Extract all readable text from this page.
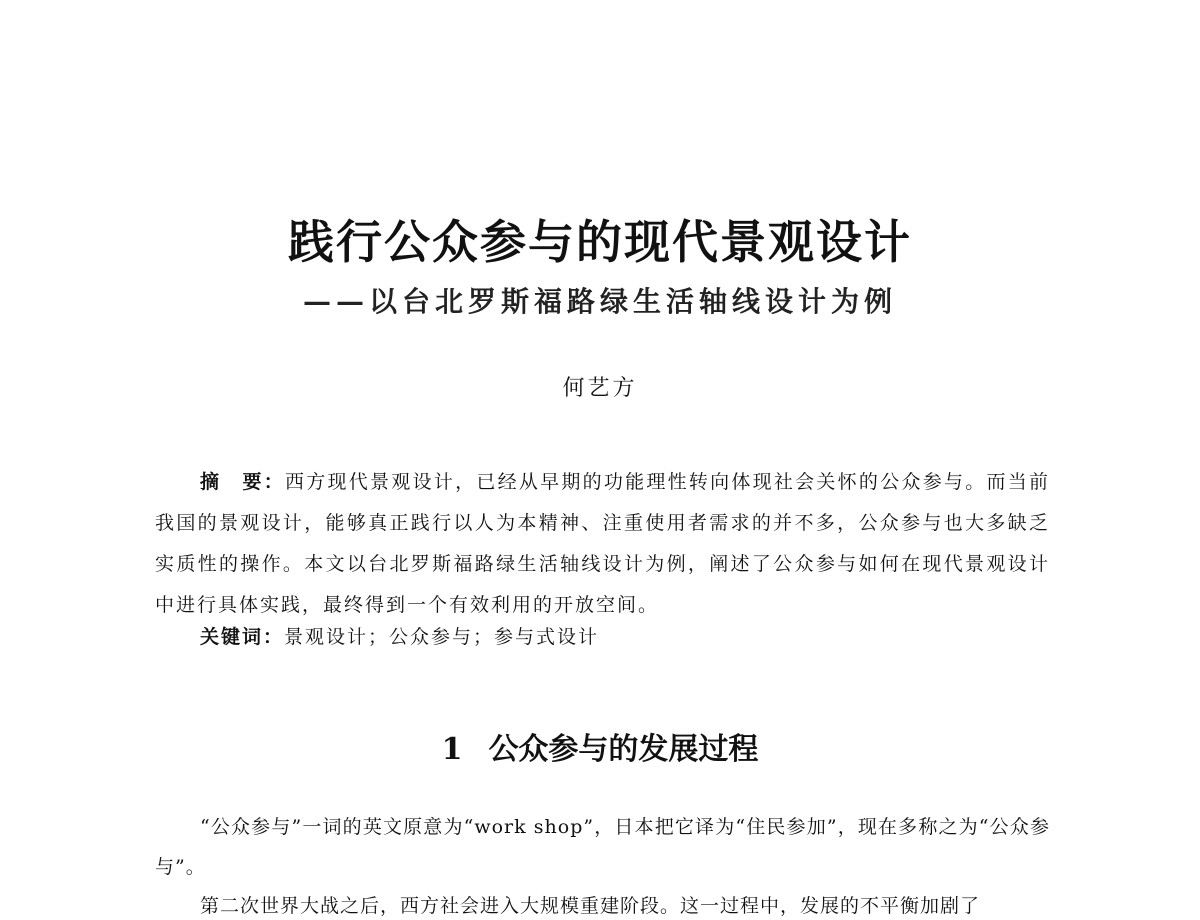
践行公众参与的现代景观设计
——以台北罗斯福路绿生活轴线设计为例
何艺方

摘　要：西方现代景观设计，已经从早期的功能理性转向体现社会关怀的公众参与。而当前我国的景观设计，能够真正践行以人为本精神、注重使用者需求的并不多，公众参与也大多缺乏实质性的操作。本文以台北罗斯福路绿生活轴线设计为例，阐述了公众参与如何在现代景观设计中进行具体实践，最终得到一个有效利用的开放空间。

关键词：景观设计；公众参与；参与式设计

1 公众参与的发展过程

“公众参与”一词的英文原意为“work shop”，日本把它译为“住民参加”，现在多称之为“公众参与”。

第二次世界大战之后，西方社会进入大规模重建阶段。这一过程中，发展的不平衡加剧了
